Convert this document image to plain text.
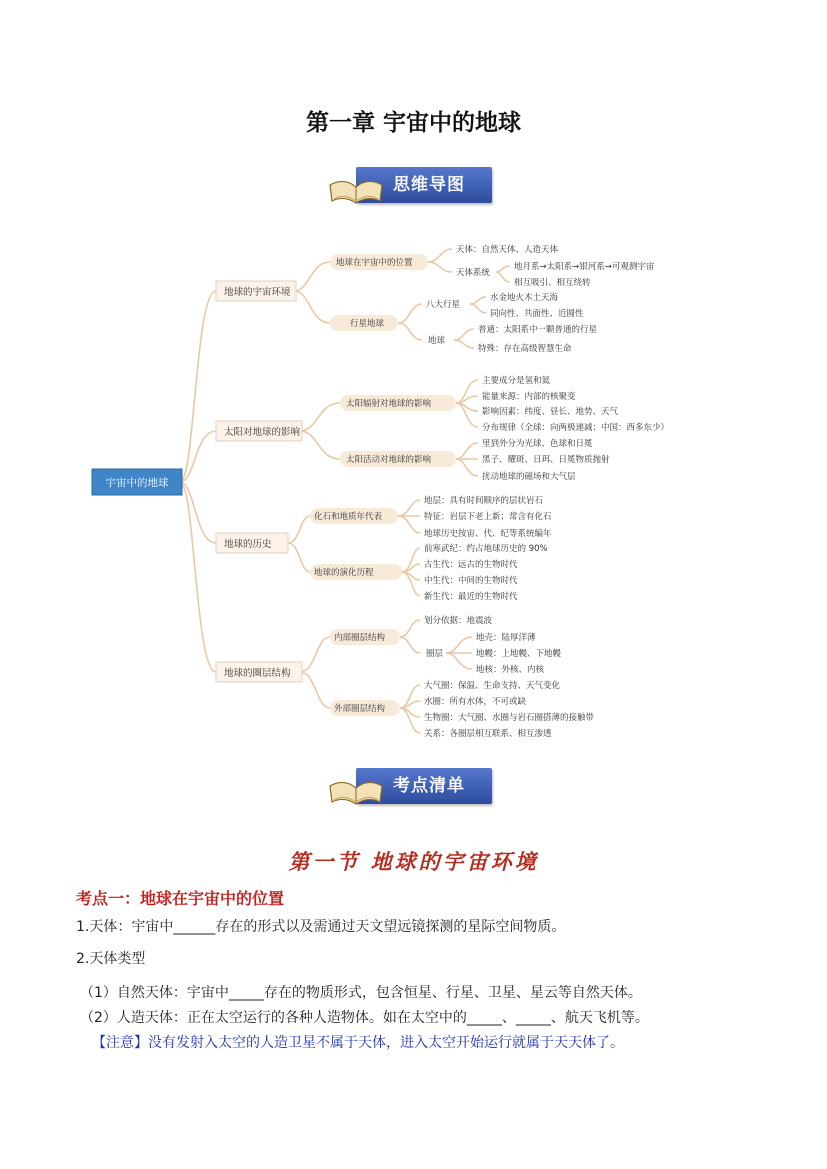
第一章 宇宙中的地球
思维导图
宇宙中的地球
地球的宇宙环境
太阳对地球的影响
地球的历史
地球的圈层结构
地球在宇宙中的位置
行星地球
太阳辐射对地球的影响
太阳活动对地球的影响
化石和地质年代表
地球的演化历程
内部圈层结构
外部圈层结构
天体：自然天体、人造天体
天体系统
地月系→太阳系→银河系→可观测宇宙
相互吸引、相互绕转
八大行星
水金地火木土天海
同向性、共面性、近圆性
地球
普通：太阳系中一颗普通的行星
特殊：存在高级智慧生命
主要成分是氢和氦
能量来源：内部的核聚变
影响因素：纬度、昼长、地势、天气
分布规律（全球：向两极递减；中国：西多东少）
里到外分为光球、色球和日冕
黑子、耀斑、日珥、日冕物质抛射
扰动地球的磁场和大气层
地层：具有时间顺序的层状岩石
特征：岩层下老上新；常含有化石
地球历史按宙、代、纪等系统编年
前寒武纪：约占地球历史的 90%
古生代：远古的生物时代
中生代：中间的生物时代
新生代：最近的生物时代
划分依据：地震波
圈层
地壳：陆厚洋薄
地幔：上地幔、下地幔
地核：外核、内核
大气圈：保温、生命支持、天气变化
水圈：所有水体，不可或缺
生物圈：大气圈、水圈与岩石圈搭薄的接触带
关系：各圈层相互联系、相互渗透
考点清单
第一节 地球的宇宙环境
考点一：地球在宇宙中的位置

1.天体：宇宙中______存在的形式以及需通过天文望远镜探测的星际空间物质。

2.天体类型

（1）自然天体：宇宙中_____存在的物质形式，包含恒星、行星、卫星、星云等自然天体。

（2）人造天体：正在太空运行的各种人造物体。如在太空中的_____、_____、航天飞机等。

【注意】没有发射入太空的人造卫星不属于天体，进入太空开始运行就属于天天体了。
